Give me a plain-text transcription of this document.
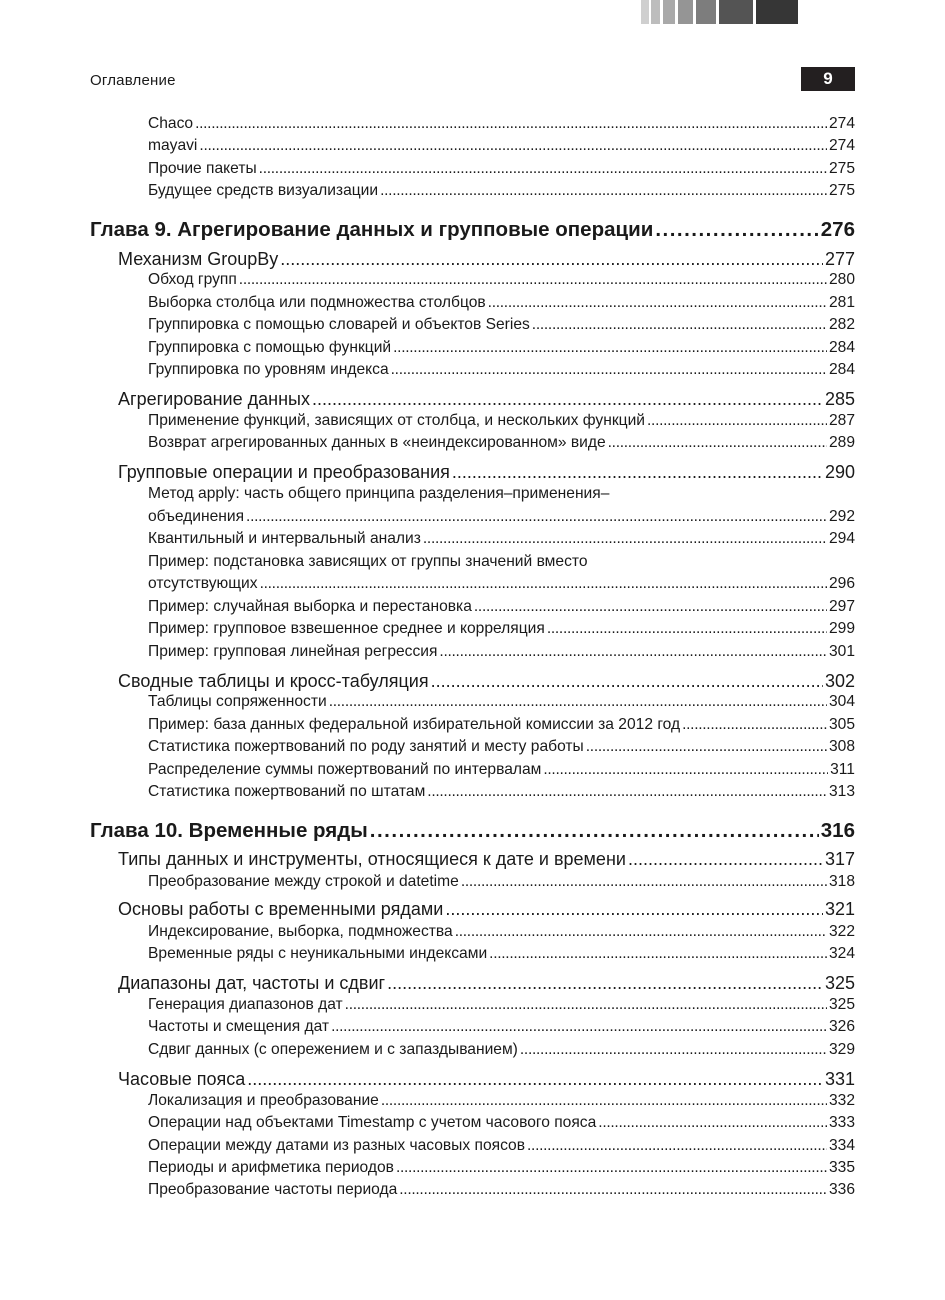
Оглавление	9
Chaco .....	274
mayavi .....	274
Прочие пакеты .....	275
Будущее средств визуализации .....	275
Глава 9. Агрегирование данных и групповые операции .....	276
Механизм GroupBy .....	277
Обход групп .....	280
Выборка столбца или подмножества столбцов .....	281
Группировка с помощью словарей и объектов Series .....	282
Группировка с помощью функций .....	284
Группировка по уровням индекса .....	284
Агрегирование данных .....	285
Применение функций, зависящих от столбца, и нескольких функций .....	287
Возврат агрегированных данных в «неиндексированном» виде .....	289
Групповые операции и преобразования .....	290
Метод apply: часть общего принципа разделения–применения–
объединения .....	292
Квантильный и интервальный анализ .....	294
Пример: подстановка зависящих от группы значений вместо
отсутствующих .....	296
Пример: случайная выборка и перестановка .....	297
Пример: групповое взвешенное среднее и корреляция .....	299
Пример: групповая линейная регрессия .....	301
Сводные таблицы и кросс-табуляция .....	302
Таблицы сопряженности .....	304
Пример: база данных федеральной избирательной комиссии за 2012 год .....	305
Статистика пожертвований по роду занятий и месту работы .....	308
Распределение суммы пожертвований по интервалам .....	311
Статистика пожертвований по штатам .....	313
Глава 10. Временные ряды .....	316
Типы данных и инструменты, относящиеся к дате и времени .....	317
Преобразование между строкой и datetime .....	318
Основы работы с временными рядами .....	321
Индексирование, выборка, подмножества .....	322
Временные ряды с неуникальными индексами .....	324
Диапазоны дат, частоты и сдвиг .....	325
Генерация диапазонов дат .....	325
Частоты и смещения дат .....	326
Сдвиг данных (с опережением и с запаздыванием) .....	329
Часовые пояса .....	331
Локализация и преобразование .....	332
Операции над объектами Timestamp с учетом часового пояса .....	333
Операции между датами из разных часовых поясов .....	334
Периоды и арифметика периодов .....	335
Преобразование частоты периода .....	336
